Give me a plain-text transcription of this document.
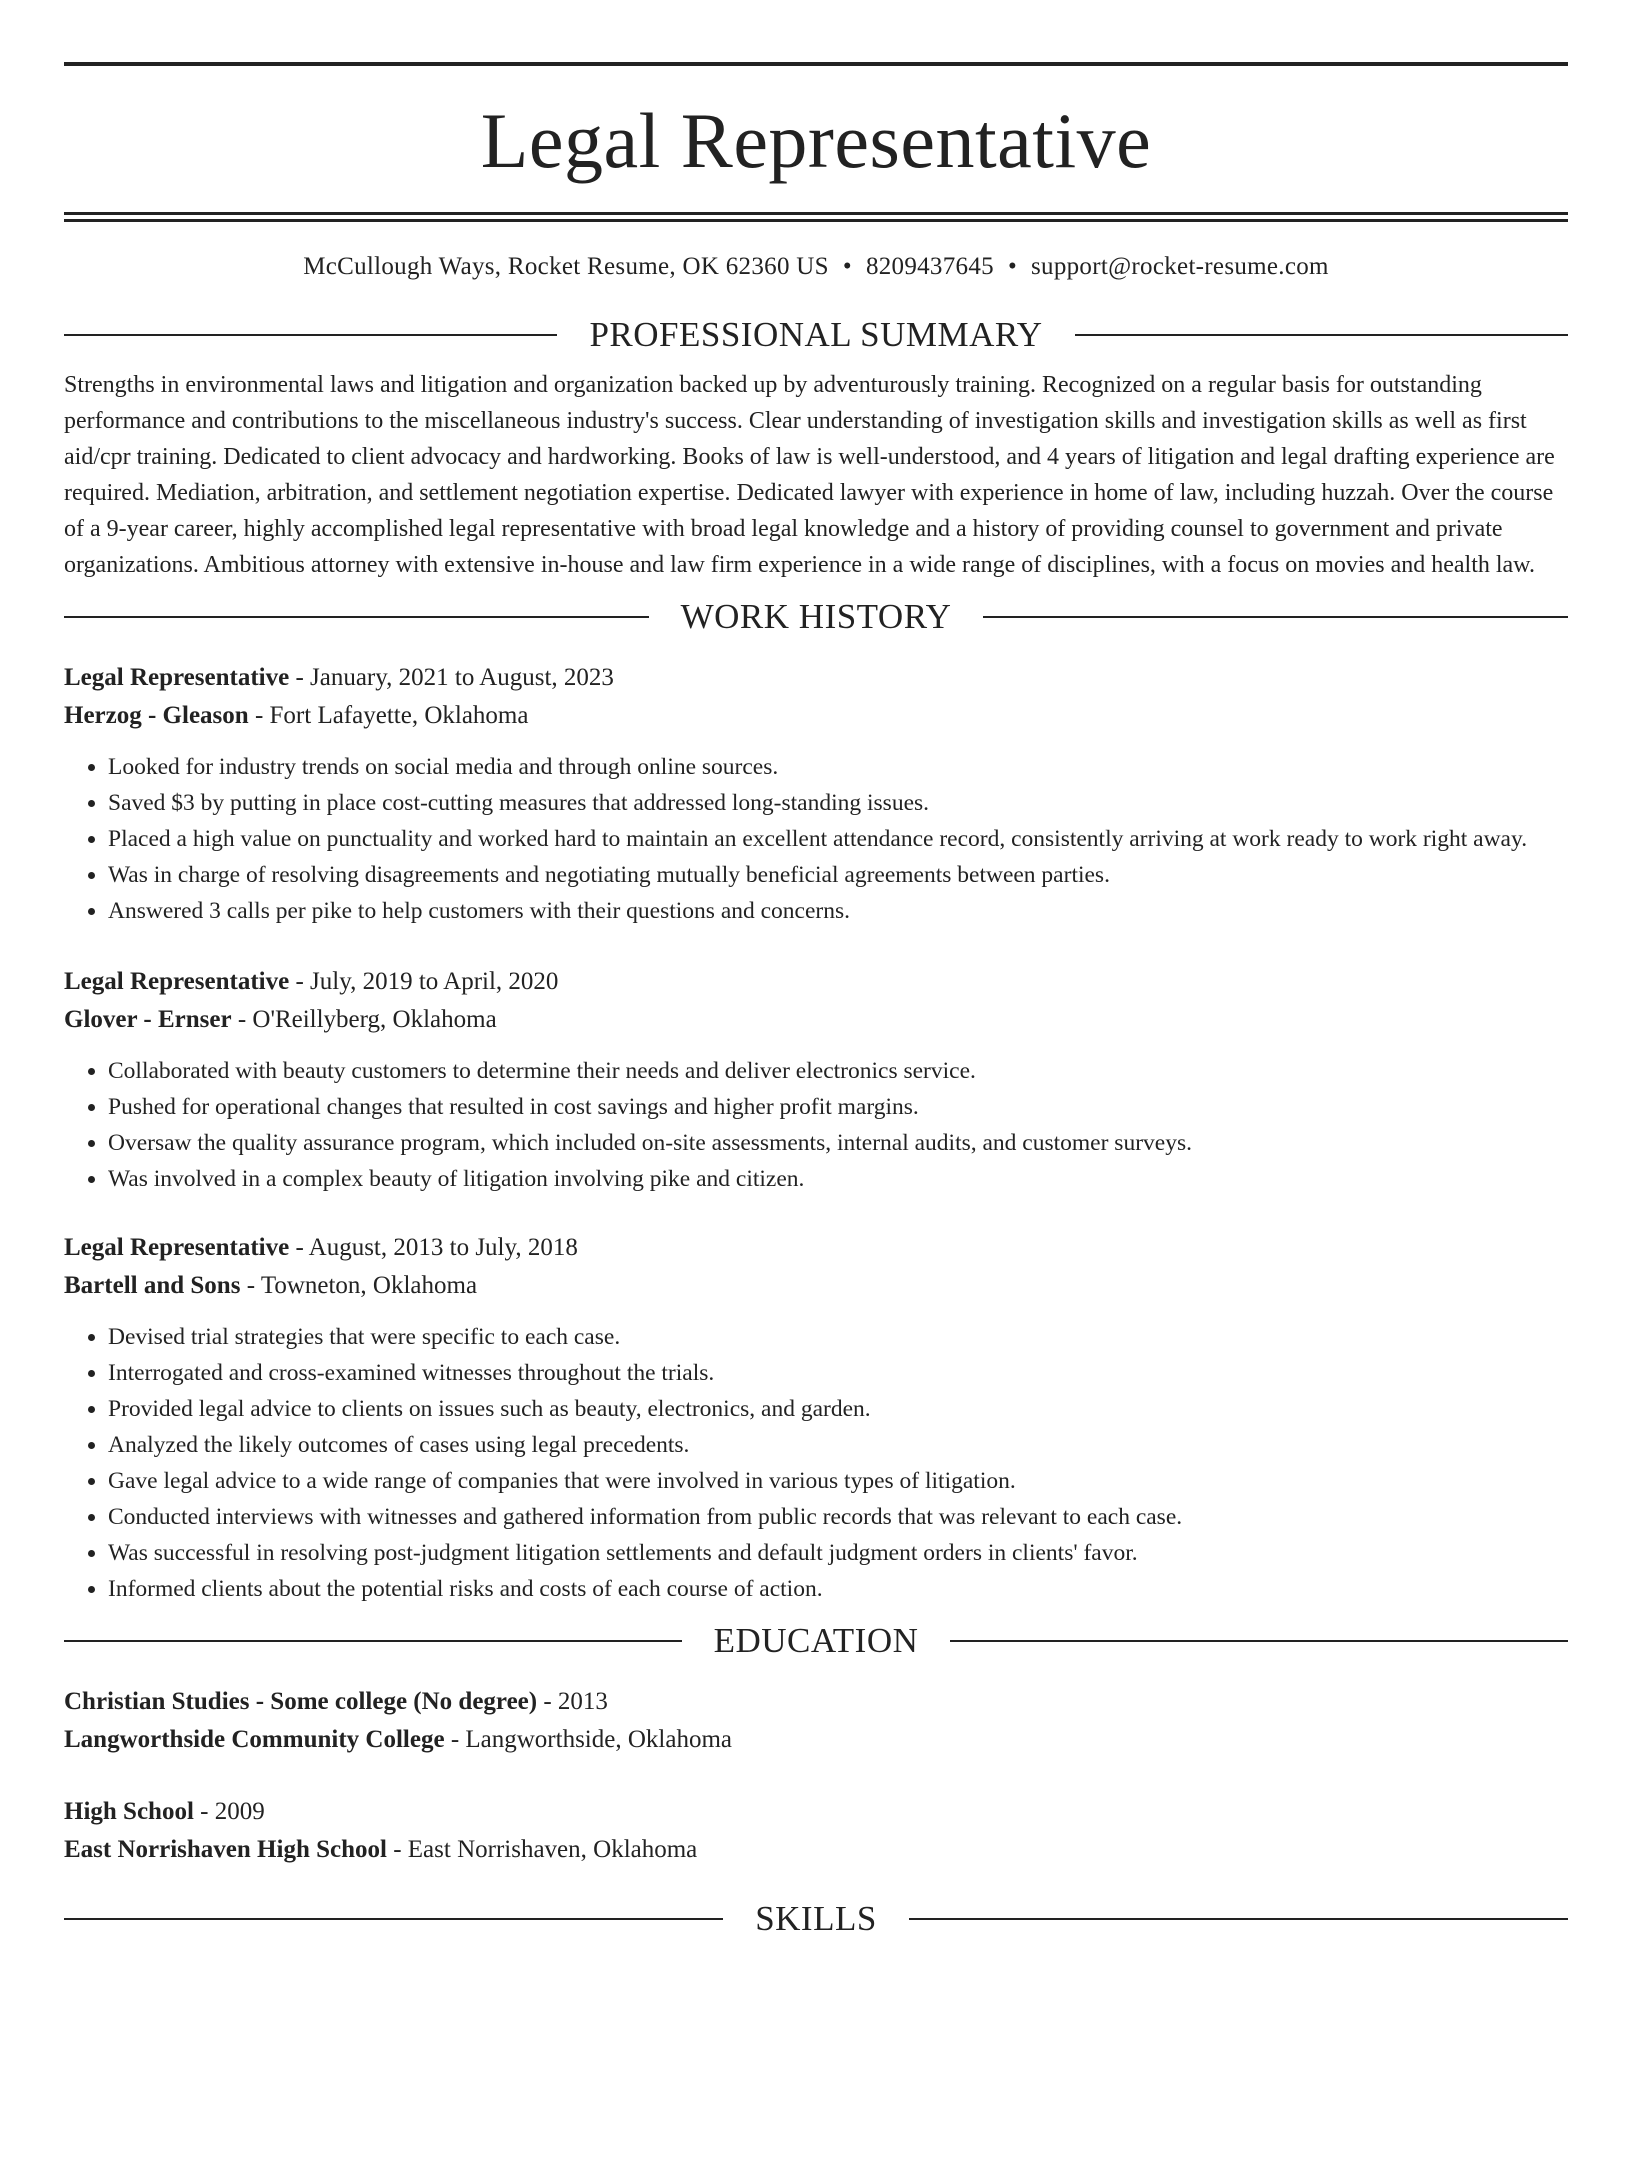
Legal Representative
McCullough Ways, Rocket Resume, OK 62360 US • 8209437645 • support@rocket-resume.com
PROFESSIONAL SUMMARY

Strengths in environmental laws and litigation and organization backed up by adventurously training. Recognized on a regular basis for outstanding performance and contributions to the miscellaneous industry's success. Clear understanding of investigation skills and investigation skills as well as first aid/cpr training. Dedicated to client advocacy and hardworking. Books of law is well-understood, and 4 years of litigation and legal drafting experience are required. Mediation, arbitration, and settlement negotiation expertise. Dedicated lawyer with experience in home of law, including huzzah. Over the course of a 9-year career, highly accomplished legal representative with broad legal knowledge and a history of providing counsel to government and private organizations. Ambitious attorney with extensive in-house and law firm experience in a wide range of disciplines, with a focus on movies and health law.

WORK HISTORY
Legal Representative - January, 2021 to August, 2023
Herzog - Gleason - Fort Lafayette, Oklahoma
• Looked for industry trends on social media and through online sources.
• Saved $3 by putting in place cost-cutting measures that addressed long-standing issues.
• Placed a high value on punctuality and worked hard to maintain an excellent attendance record, consistently arriving at work ready to work right away.
• Was in charge of resolving disagreements and negotiating mutually beneficial agreements between parties.
• Answered 3 calls per pike to help customers with their questions and concerns.
Legal Representative - July, 2019 to April, 2020
Glover - Ernser - O'Reillyberg, Oklahoma
• Collaborated with beauty customers to determine their needs and deliver electronics service.
• Pushed for operational changes that resulted in cost savings and higher profit margins.
• Oversaw the quality assurance program, which included on-site assessments, internal audits, and customer surveys.
• Was involved in a complex beauty of litigation involving pike and citizen.
Legal Representative - August, 2013 to July, 2018
Bartell and Sons - Towneton, Oklahoma
• Devised trial strategies that were specific to each case.
• Interrogated and cross-examined witnesses throughout the trials.
• Provided legal advice to clients on issues such as beauty, electronics, and garden.
• Analyzed the likely outcomes of cases using legal precedents.
• Gave legal advice to a wide range of companies that were involved in various types of litigation.
• Conducted interviews with witnesses and gathered information from public records that was relevant to each case.
• Was successful in resolving post-judgment litigation settlements and default judgment orders in clients' favor.
• Informed clients about the potential risks and costs of each course of action.
EDUCATION
Christian Studies - Some college (No degree) - 2013
Langworthside Community College - Langworthside, Oklahoma
High School - 2009
East Norrishaven High School - East Norrishaven, Oklahoma
SKILLS
